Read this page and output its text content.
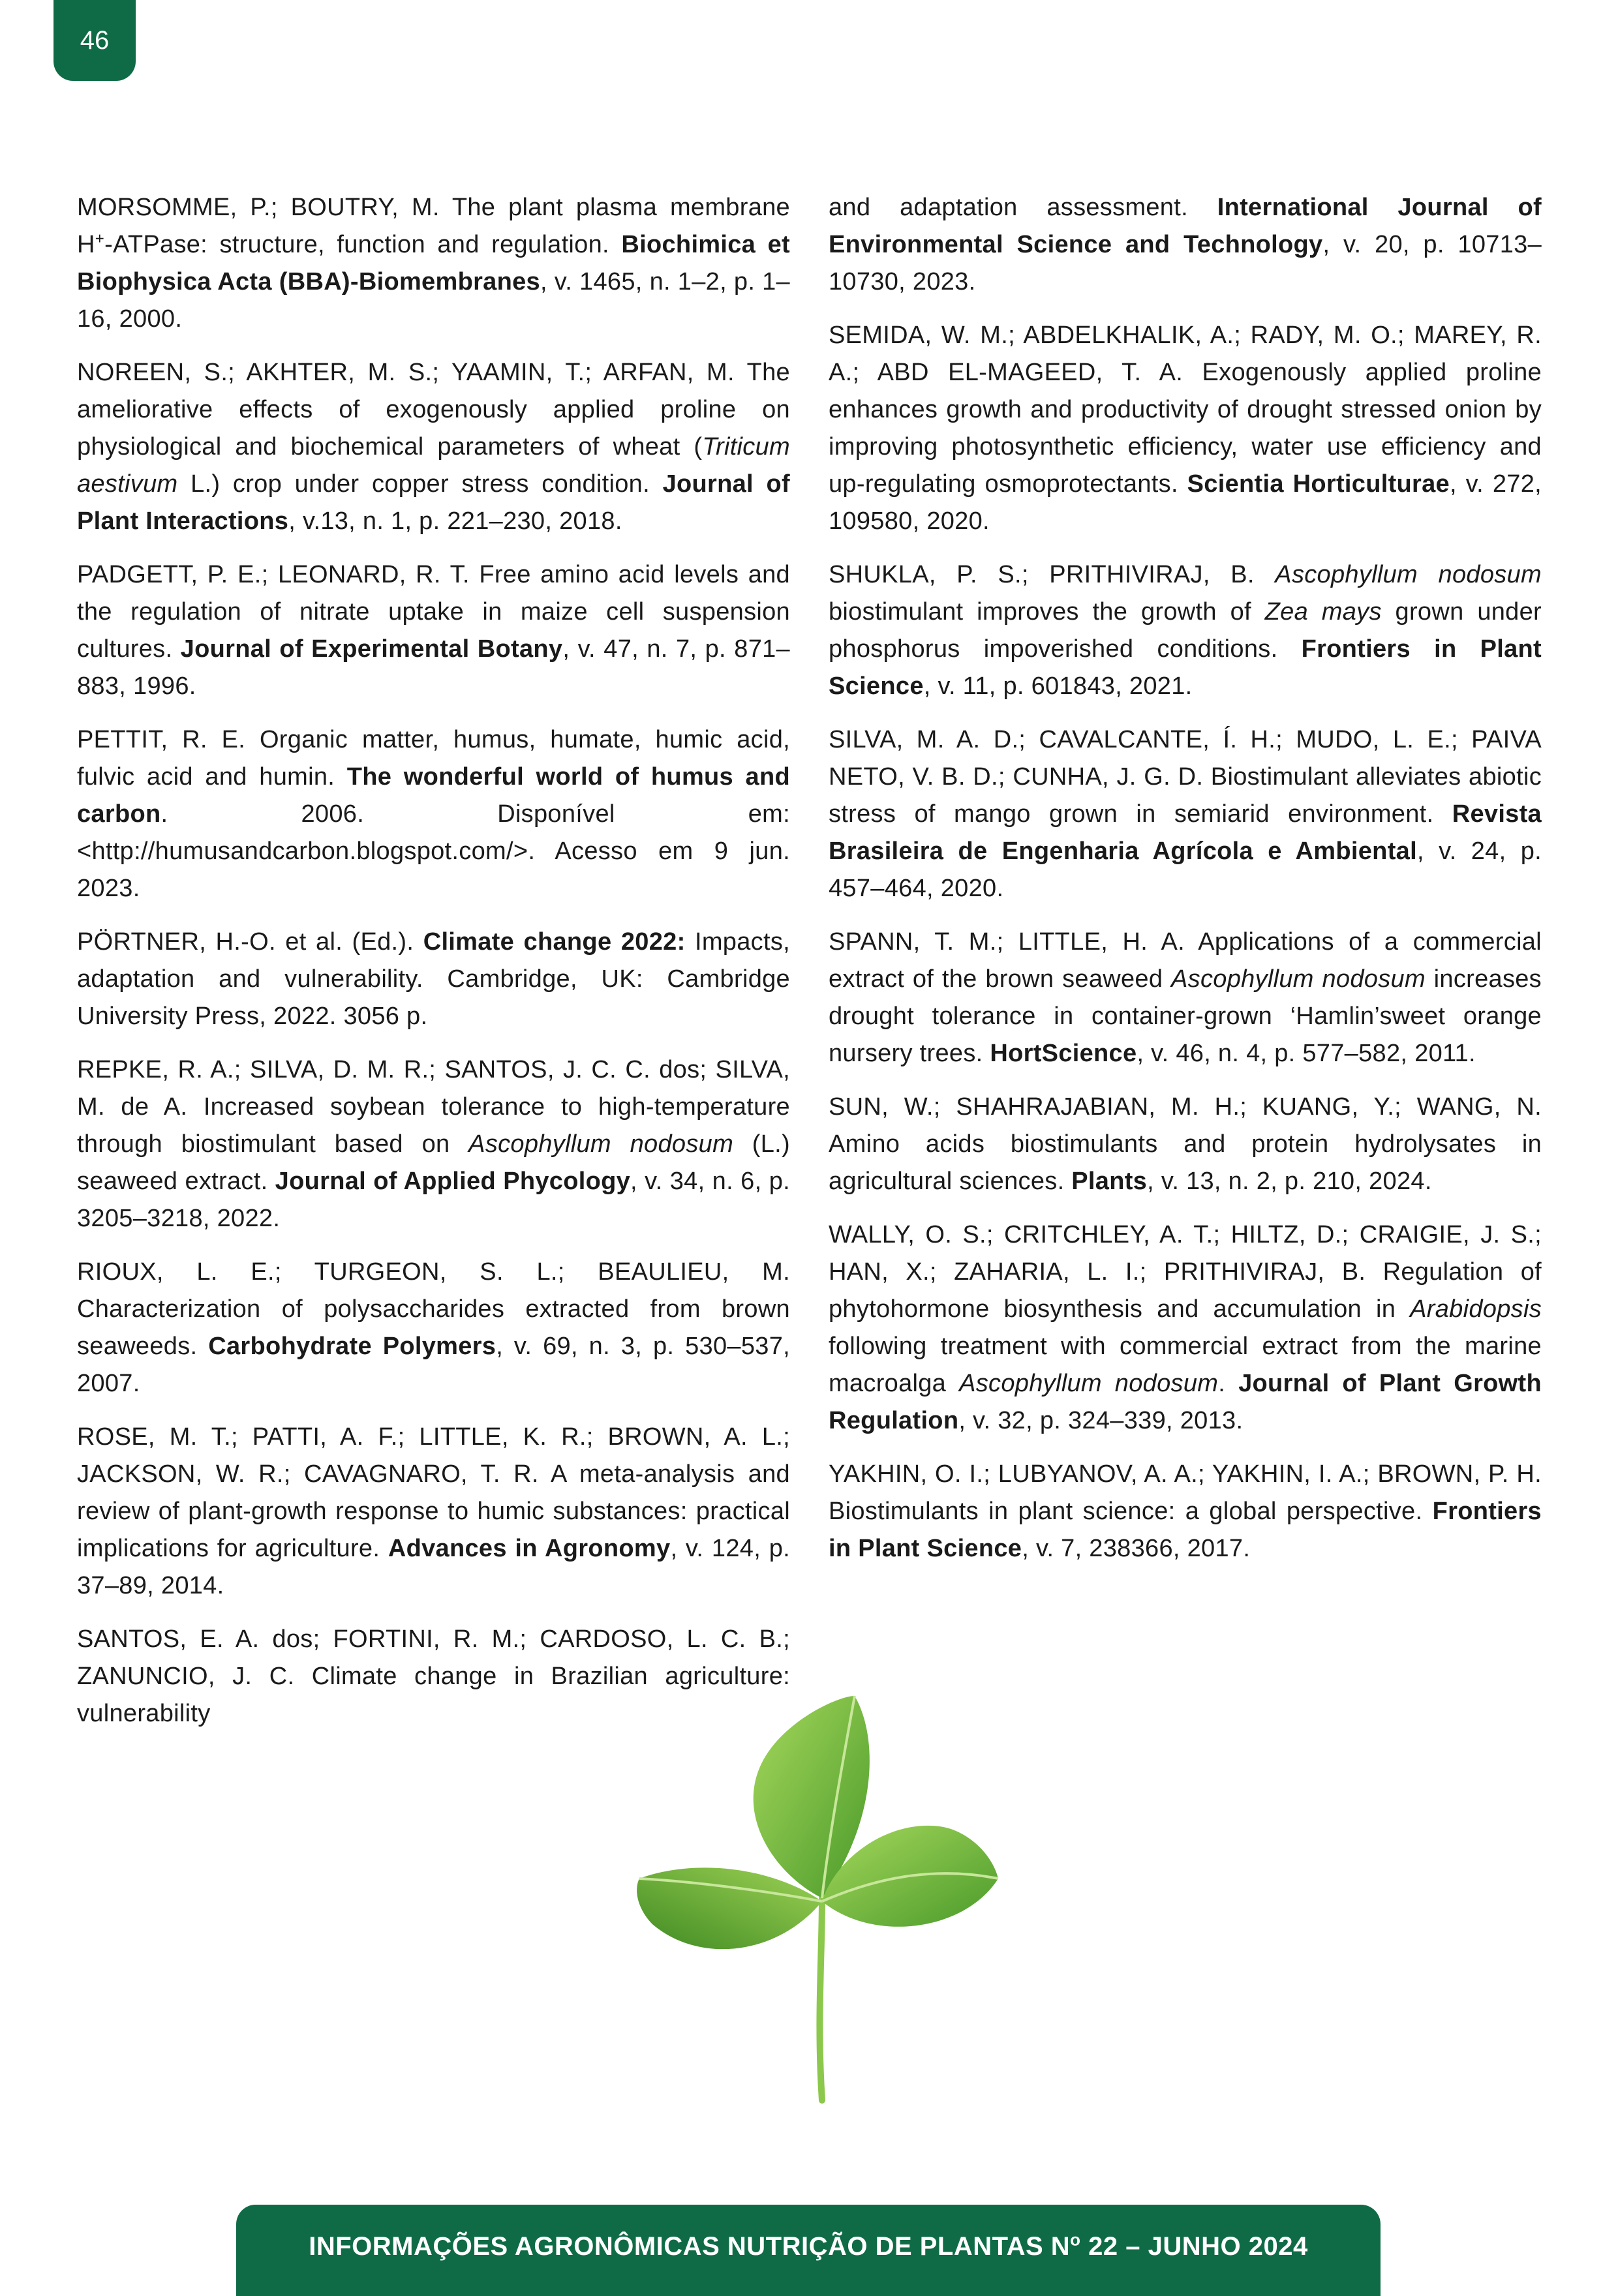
46

MORSOMME, P.; BOUTRY, M. The plant plasma membrane H+-ATPase: structure, function and regulation. Biochimica et Biophysica Acta (BBA)-Biomembranes, v. 1465, n. 1–2, p. 1–16, 2000.

NOREEN, S.; AKHTER, M. S.; YAAMIN, T.; ARFAN, M. The ameliorative effects of exogenously applied proline on physiological and biochemical parameters of wheat (Triticum aestivum L.) crop under copper stress condition. Journal of Plant Interactions, v.13, n. 1, p. 221–230, 2018.

PADGETT, P. E.; LEONARD, R. T. Free amino acid levels and the regulation of nitrate uptake in maize cell suspension cultures. Journal of Experimental Botany, v. 47, n. 7, p. 871–883, 1996.

PETTIT, R. E. Organic matter, humus, humate, humic acid, fulvic acid and humin. The wonderful world of humus and carbon. 2006. Disponível em: <http://humusandcarbon.blogspot.com/>. Acesso em 9 jun. 2023.

PÖRTNER, H.-O. et al. (Ed.). Climate change 2022: Impacts, adaptation and vulnerability. Cambridge, UK: Cambridge University Press, 2022. 3056 p.

REPKE, R. A.; SILVA, D. M. R.; SANTOS, J. C. C. dos; SILVA, M. de A. Increased soybean tolerance to high-temperature through biostimulant based on Ascophyllum nodosum (L.) seaweed extract. Journal of Applied Phycology, v. 34, n. 6, p. 3205–3218, 2022.

RIOUX, L. E.; TURGEON, S. L.; BEAULIEU, M. Characterization of polysaccharides extracted from brown seaweeds. Carbohydrate Polymers, v. 69, n. 3, p. 530–537, 2007.

ROSE, M. T.; PATTI, A. F.; LITTLE, K. R.; BROWN, A. L.; JACKSON, W. R.; CAVAGNARO, T. R. A meta-analysis and review of plant-growth response to humic substances: practical implications for agriculture. Advances in Agronomy, v. 124, p. 37–89, 2014.

SANTOS, E. A. dos; FORTINI, R. M.; CARDOSO, L. C. B.; ZANUNCIO, J. C. Climate change in Brazilian agriculture: vulnerability

and adaptation assessment. International Journal of Environmental Science and Technology, v. 20, p. 10713–10730, 2023.

SEMIDA, W. M.; ABDELKHALIK, A.; RADY, M. O.; MAREY, R. A.; ABD EL-MAGEED, T. A. Exogenously applied proline enhances growth and productivity of drought stressed onion by improving photosynthetic efficiency, water use efficiency and up-regulating osmoprotectants. Scientia Horticulturae, v. 272, 109580, 2020.

SHUKLA, P. S.; PRITHIVIRAJ, B. Ascophyllum nodosum biostimulant improves the growth of Zea mays grown under phosphorus impoverished conditions. Frontiers in Plant Science, v. 11, p. 601843, 2021.

SILVA, M. A. D.; CAVALCANTE, Í. H.; MUDO, L. E.; PAIVA NETO, V. B. D.; CUNHA, J. G. D. Biostimulant alleviates abiotic stress of mango grown in semiarid environment. Revista Brasileira de Engenharia Agrícola e Ambiental, v. 24, p. 457–464, 2020.

SPANN, T. M.; LITTLE, H. A. Applications of a commercial extract of the brown seaweed Ascophyllum nodosum increases drought tolerance in container-grown ‘Hamlin’sweet orange nursery trees. HortScience, v. 46, n. 4, p. 577–582, 2011.

SUN, W.; SHAHRAJABIAN, M. H.; KUANG, Y.; WANG, N. Amino acids biostimulants and protein hydrolysates in agricultural sciences. Plants, v. 13, n. 2, p. 210, 2024.

WALLY, O. S.; CRITCHLEY, A. T.; HILTZ, D.; CRAIGIE, J. S.; HAN, X.; ZAHARIA, L. I.; PRITHIVIRAJ, B. Regulation of phytohormone biosynthesis and accumulation in Arabidopsis following treatment with commercial extract from the marine macroalga Ascophyllum nodosum. Journal of Plant Growth Regulation, v. 32, p. 324–339, 2013.

YAKHIN, O. I.; LUBYANOV, A. A.; YAKHIN, I. A.; BROWN, P. H. Biostimulants in plant science: a global perspective. Frontiers in Plant Science, v. 7, 238366, 2017.

INFORMAÇÕES AGRONÔMICAS NUTRIÇÃO DE PLANTAS $N^o$ 22 – JUNHO 2024
